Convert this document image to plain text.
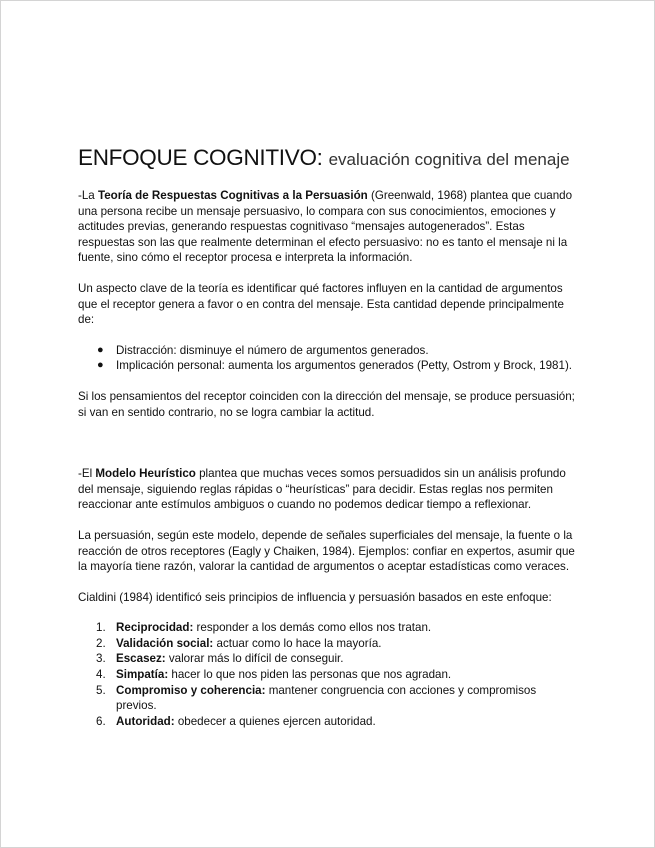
ENFOQUE COGNITIVO: evaluación cognitiva del menaje

-La Teoría de Respuestas Cognitivas a la Persuasión (Greenwald, 1968) plantea que cuando una persona recibe un mensaje persuasivo, lo compara con sus conocimientos, emociones y actitudes previas, generando respuestas cognitivaso “mensajes autogenerados”. Estas respuestas son las que realmente determinan el efecto persuasivo: no es tanto el mensaje ni la fuente, sino cómo el receptor procesa e interpreta la información.

Un aspecto clave de la teoría es identificar qué factores influyen en la cantidad de argumentos que el receptor genera a favor o en contra del mensaje. Esta cantidad depende principalmente de:

● Distracción: disminuye el número de argumentos generados.
● Implicación personal: aumenta los argumentos generados (Petty, Ostrom y Brock, 1981).

Si los pensamientos del receptor coinciden con la dirección del mensaje, se produce persuasión; si van en sentido contrario, no se logra cambiar la actitud.

-El Modelo Heurístico plantea que muchas veces somos persuadidos sin un análisis profundo del mensaje, siguiendo reglas rápidas o “heurísticas” para decidir. Estas reglas nos permiten reaccionar ante estímulos ambiguos o cuando no podemos dedicar tiempo a reflexionar.

La persuasión, según este modelo, depende de señales superficiales del mensaje, la fuente o la reacción de otros receptores (Eagly y Chaiken, 1984). Ejemplos: confiar en expertos, asumir que la mayoría tiene razón, valorar la cantidad de argumentos o aceptar estadísticas como veraces.

Cialdini (1984) identificó seis principios de influencia y persuasión basados en este enfoque:

1. Reciprocidad: responder a los demás como ellos nos tratan.
2. Validación social: actuar como lo hace la mayoría.
3. Escasez: valorar más lo difícil de conseguir.
4. Simpatía: hacer lo que nos piden las personas que nos agradan.
5. Compromiso y coherencia: mantener congruencia con acciones y compromisos previos.
6. Autoridad: obedecer a quienes ejercen autoridad.
